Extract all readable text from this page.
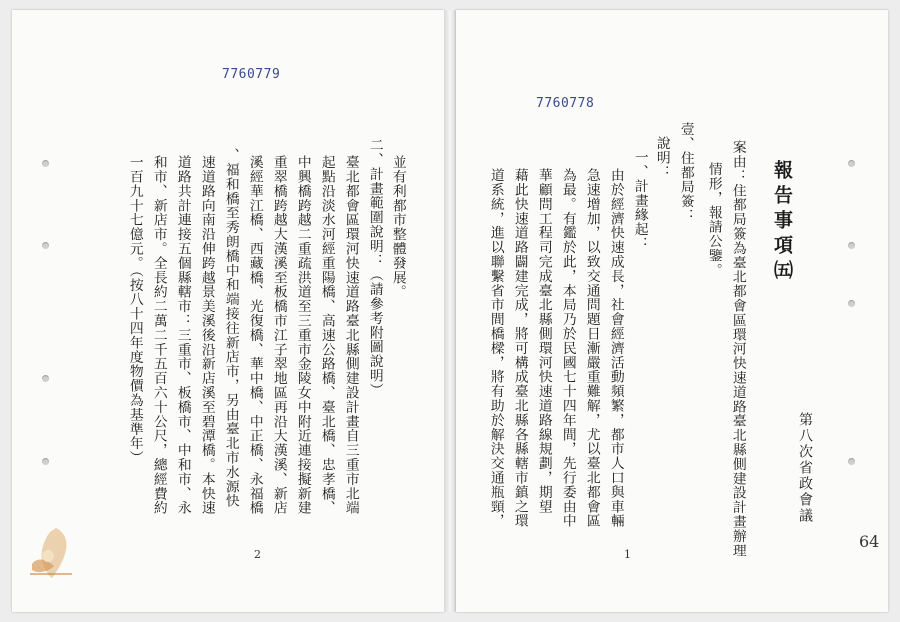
7760779
並有利都市整體發展。
二、計畫範圍說明：（請參考附圖說明）
臺北都會區環河快速道路臺北縣側建設計畫自三重市北端
起點沿淡水河經重陽橋、高速公路橋、臺北橋、忠孝橋、
中興橋跨越二重疏洪道至三重市金陵女中附近連接擬新建
重翠橋跨越大漢溪至板橋市江子翠地區再沿大漢溪、新店
溪經華江橋、西藏橋、光復橋、華中橋、中正橋、永福橋
、福和橋至秀朗橋中和端接往新店市，另由臺北市水源快
速道路向南沿伸跨越景美溪後沿新店溪至碧潭橋。本快速
道路共計連接五個縣轄市：三重市、板橋市、中和市、永
和市、新店市。全長約二萬二千五百六十公尺，總經費約
一百九十七億元。（按八十四年度物價為基準年）
2
7760778
報告事項㈤
第八次省政會議
案由：住都局簽為臺北都會區環河快速道路臺北縣側建設計畫辦理
情形，報請公鑒。
壹、住都局簽：
說明：
一、計畫緣起：
由於經濟快速成長，社會經濟活動頻繁，都市人口與車輛
急速增加，以致交通問題日漸嚴重難解，尤以臺北都會區
為最。有鑑於此，本局乃於民國七十四年間，先行委由中
華顧問工程司完成臺北縣側環河快速道路線規劃，期望
藉此快速道路闢建完成，將可構成臺北縣各縣轄市鎮之環
道系統，進以聯繫省市間橋樑，將有助於解決交通瓶頸，
1
64
